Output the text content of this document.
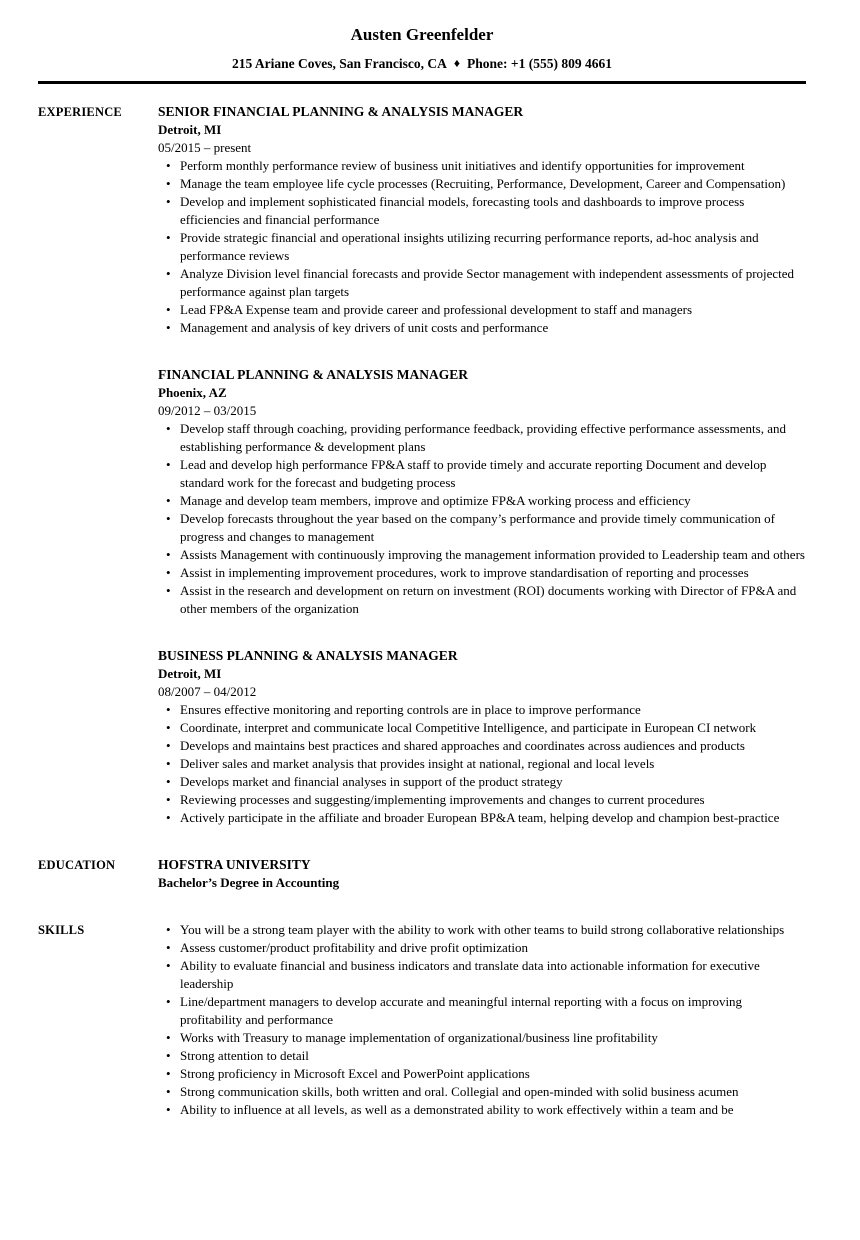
Austen Greenfelder
215 Ariane Coves, San Francisco, CA ♦ Phone: +1 (555) 809 4661
EXPERIENCE	SENIOR FINANCIAL PLANNING & ANALYSIS MANAGER
Detroit, MI
05/2015 – present
• Perform monthly performance review of business unit initiatives and identify opportunities for improvement
• Manage the team employee life cycle processes (Recruiting, Performance, Development, Career and Compensation)
• Develop and implement sophisticated financial models, forecasting tools and dashboards to improve process efficiencies and financial performance
• Provide strategic financial and operational insights utilizing recurring performance reports, ad-hoc analysis and performance reviews
• Analyze Division level financial forecasts and provide Sector management with independent assessments of projected performance against plan targets
• Lead FP&A Expense team and provide career and professional development to staff and managers
• Management and analysis of key drivers of unit costs and performance
FINANCIAL PLANNING & ANALYSIS MANAGER
Phoenix, AZ
09/2012 – 03/2015
• Develop staff through coaching, providing performance feedback, providing effective performance assessments, and establishing performance & development plans
• Lead and develop high performance FP&A staff to provide timely and accurate reporting Document and develop standard work for the forecast and budgeting process
• Manage and develop team members, improve and optimize FP&A working process and efficiency
• Develop forecasts throughout the year based on the company’s performance and provide timely communication of progress and changes to management
• Assists Management with continuously improving the management information provided to Leadership team and others
• Assist in implementing improvement procedures, work to improve standardisation of reporting and processes
• Assist in the research and development on return on investment (ROI) documents working with Director of FP&A and other members of the organization
BUSINESS PLANNING & ANALYSIS MANAGER
Detroit, MI
08/2007 – 04/2012
• Ensures effective monitoring and reporting controls are in place to improve performance
• Coordinate, interpret and communicate local Competitive Intelligence, and participate in European CI network
• Develops and maintains best practices and shared approaches and coordinates across audiences and products
• Deliver sales and market analysis that provides insight at national, regional and local levels
• Develops market and financial analyses in support of the product strategy
• Reviewing processes and suggesting/implementing improvements and changes to current procedures
• Actively participate in the affiliate and broader European BP&A team, helping develop and champion best-practice
EDUCATION	HOFSTRA UNIVERSITY
Bachelor’s Degree in Accounting
SKILLS	• You will be a strong team player with the ability to work with other teams to build strong collaborative relationships
• Assess customer/product profitability and drive profit optimization
• Ability to evaluate financial and business indicators and translate data into actionable information for executive leadership
• Line/department managers to develop accurate and meaningful internal reporting with a focus on improving profitability and performance
• Works with Treasury to manage implementation of organizational/business line profitability
• Strong attention to detail
• Strong proficiency in Microsoft Excel and PowerPoint applications
• Strong communication skills, both written and oral. Collegial and open-minded with solid business acumen
• Ability to influence at all levels, as well as a demonstrated ability to work effectively within a team and be
